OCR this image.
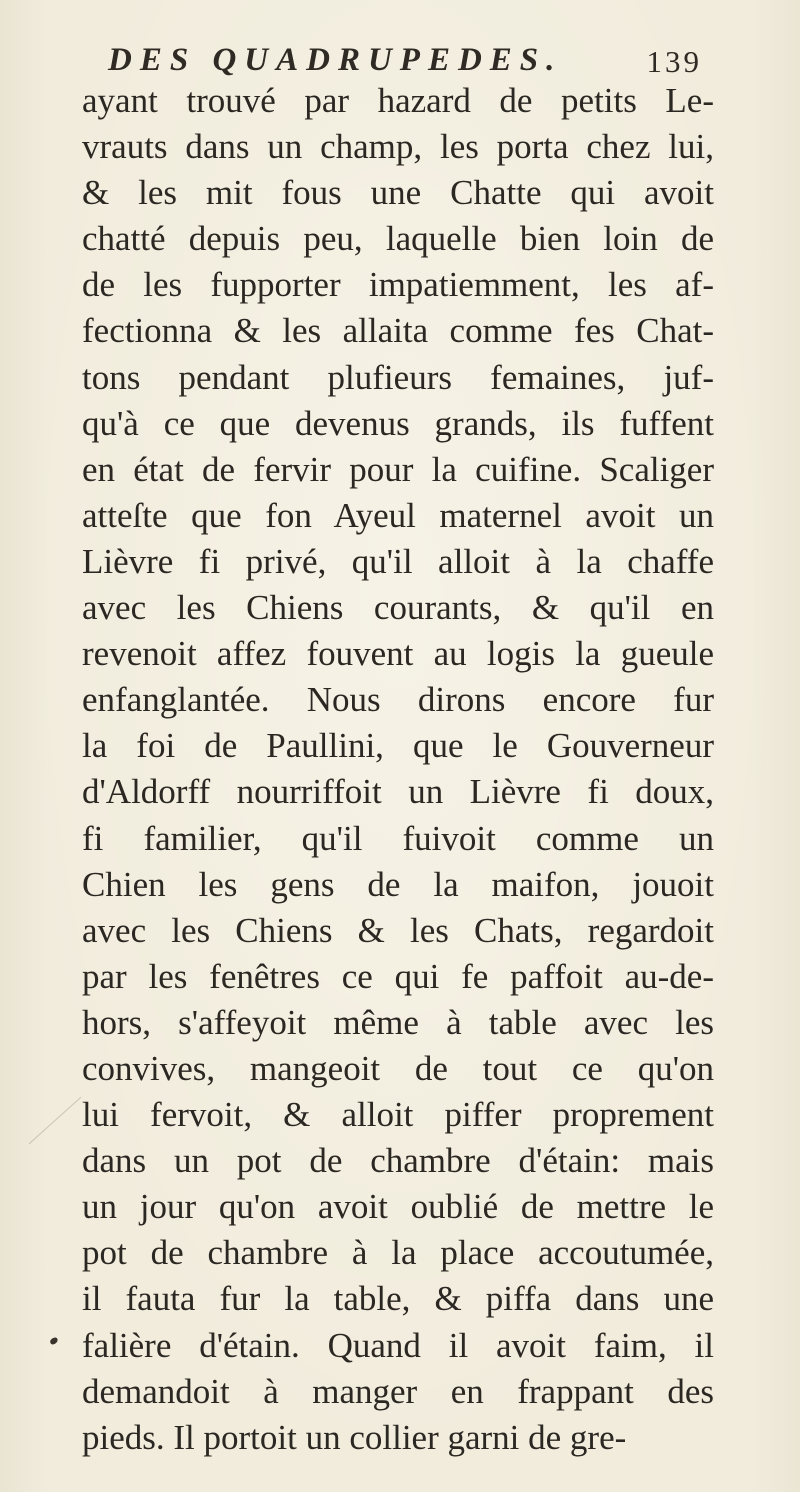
DES QUADRUPEDES.	139
ayant trouvé par hazard de petits Le-
vrauts dans un champ, les porta chez lui,
& les mit fous une Chatte qui avoit
chatté depuis peu, laquelle bien loin de
de les fupporter impatiemment, les af-
fectionna & les allaita comme fes Chat-
tons pendant plufieurs femaines, juf-
qu'à ce que devenus grands, ils fuffent
en état de fervir pour la cuifine. Scaliger
atteſte que fon Ayeul maternel avoit un
Lièvre fi privé, qu'il alloit à la chaffe
avec les Chiens courants, & qu'il en
revenoit affez fouvent au logis la gueule
enfanglantée. Nous dirons encore fur
la foi de Paullini, que le Gouverneur
d'Aldorff nourriffoit un Lièvre fi doux,
fi familier, qu'il fuivoit comme un
Chien les gens de la maifon, jouoit
avec les Chiens & les Chats, regardoit
par les fenêtres ce qui fe paffoit au-de-
hors, s'affeyoit même à table avec les
convives, mangeoit de tout ce qu'on
lui fervoit, & alloit piffer proprement
dans un pot de chambre d'étain: mais
un jour qu'on avoit oublié de mettre le
pot de chambre à la place accoutumée,
il fauta fur la table, & piffa dans une
falière d'étain. Quand il avoit faim, il
demandoit à manger en frappant des
pieds. Il portoit un collier garni de gre-
